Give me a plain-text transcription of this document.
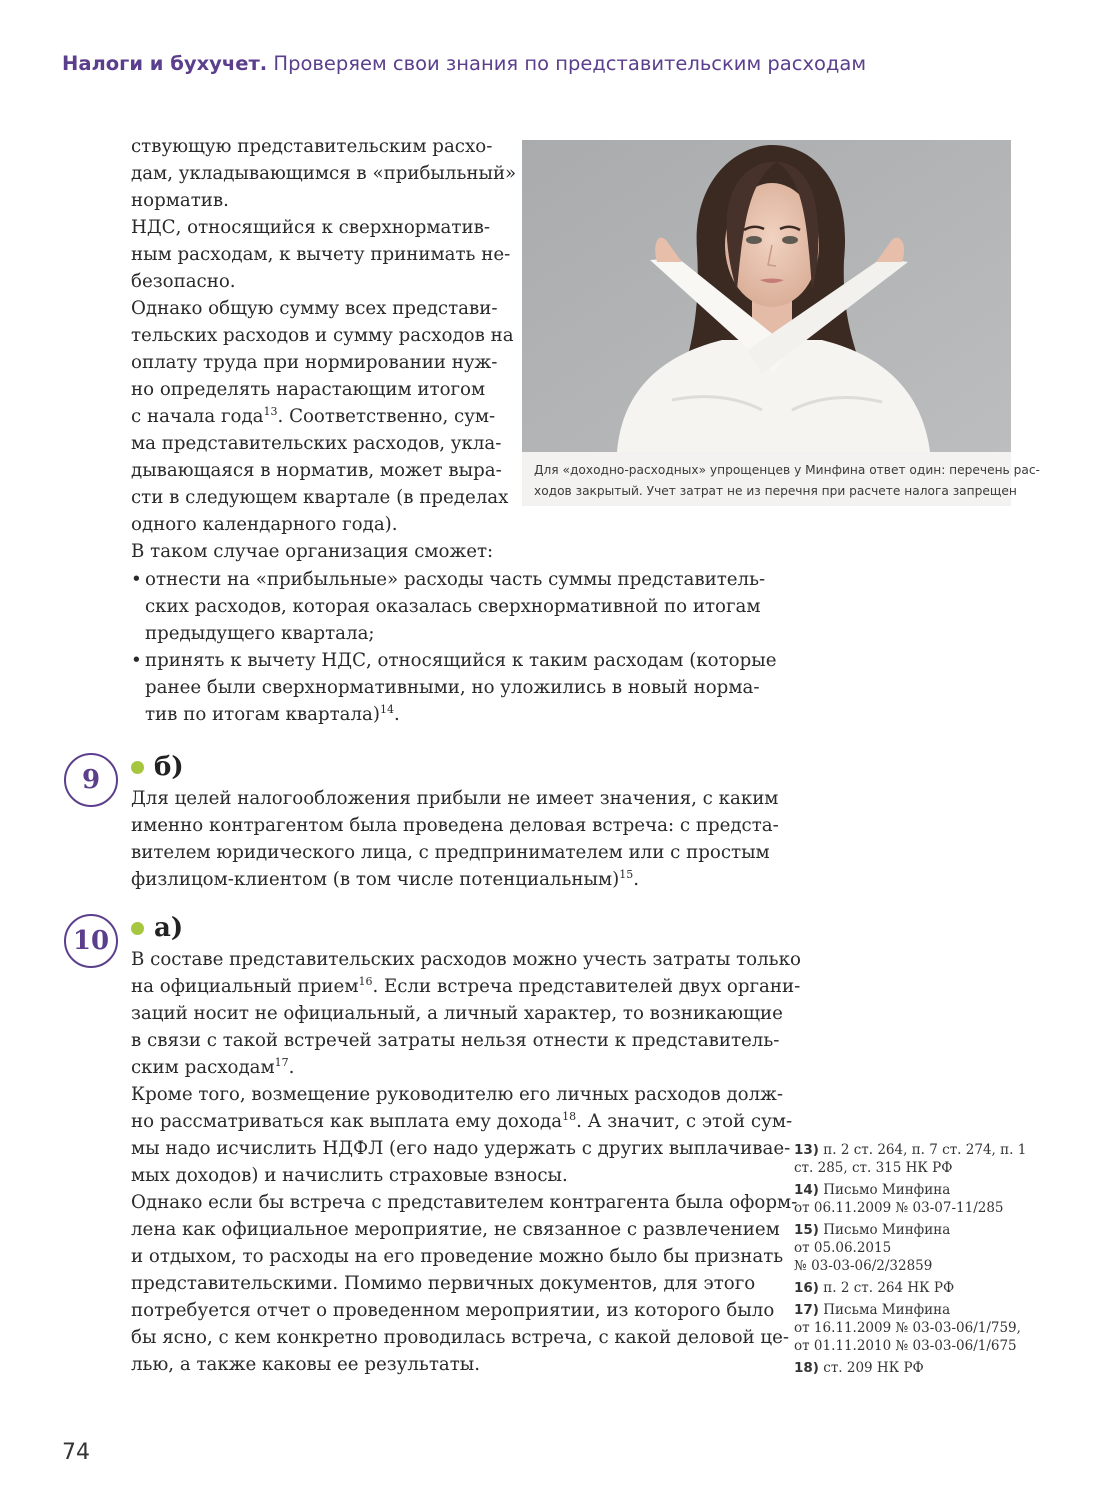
Налоги и бухучет. Проверяем свои знания по представительским расходам
ствующую представительским расхо-
дам, укладывающимся в «прибыльный»
норматив.
НДС, относящийся к сверхнорматив-
ным расходам, к вычету принимать не-
безопасно.
Однако общую сумму всех представи-
тельских расходов и сумму расходов на
оплату труда при нормировании нуж-
но определять нарастающим итогом
с начала года$^{13}$. Соответственно, сум-
ма представительских расходов, укла-
дывающаяся в норматив, может выра-
сти в следующем квартале (в пределах
одного календарного года).
В таком случае организация сможет:
• отнести на «прибыльные» расходы часть суммы представитель-
ских расходов, которая оказалась сверхнормативной по итогам
предыдущего квартала;
• принять к вычету НДС, относящийся к таким расходам (которые
ранее были сверхнормативными, но уложились в новый норма-
тив по итогам квартала)$^{14}$.
Для «доходно-расходных» упрощенцев у Минфина ответ один: перечень рас-
ходов закрытый. Учет затрат не из перечня при расчете налога запрещен
9	б)
Для целей налогообложения прибыли не имеет значения, с каким
именно контрагентом была проведена деловая встреча: с предста-
вителем юридического лица, с предпринимателем или с простым
физлицом-клиентом (в том числе потенциальным)$^{15}$.
10	а)
В составе представительских расходов можно учесть затраты только
на официальный прием$^{16}$. Если встреча представителей двух органи-
заций носит не официальный, а личный характер, то возникающие
в связи с такой встречей затраты нельзя отнести к представитель-
ским расходам$^{17}$.
Кроме того, возмещение руководителю его личных расходов долж-
но рассматриваться как выплата ему дохода$^{18}$. А значит, с этой сум-
мы надо исчислить НДФЛ (его надо удержать с других выплачивае-
мых доходов) и начислить страховые взносы.
Однако если бы встреча с представителем контрагента была оформ-
лена как официальное мероприятие, не связанное с развлечением
и отдыхом, то расходы на его проведение можно было бы признать
представительскими. Помимо первичных документов, для этого
потребуется отчет о проведенном мероприятии, из которого было
бы ясно, с кем конкретно проводилась встреча, с какой деловой це-
лью, а также каковы ее результаты.
13) п. 2 ст. 264, п. 7 ст. 274, п. 1
ст. 285, ст. 315 НК РФ
14) Письмо Минфина
от 06.11.2009 № 03-07-11/285
15) Письмо Минфина
от 05.06.2015
№ 03-03-06/2/32859
16) п. 2 ст. 264 НК РФ
17) Письма Минфина
от 16.11.2009 № 03-03-06/1/759,
от 01.11.2010 № 03-03-06/1/675
18) ст. 209 НК РФ
74
